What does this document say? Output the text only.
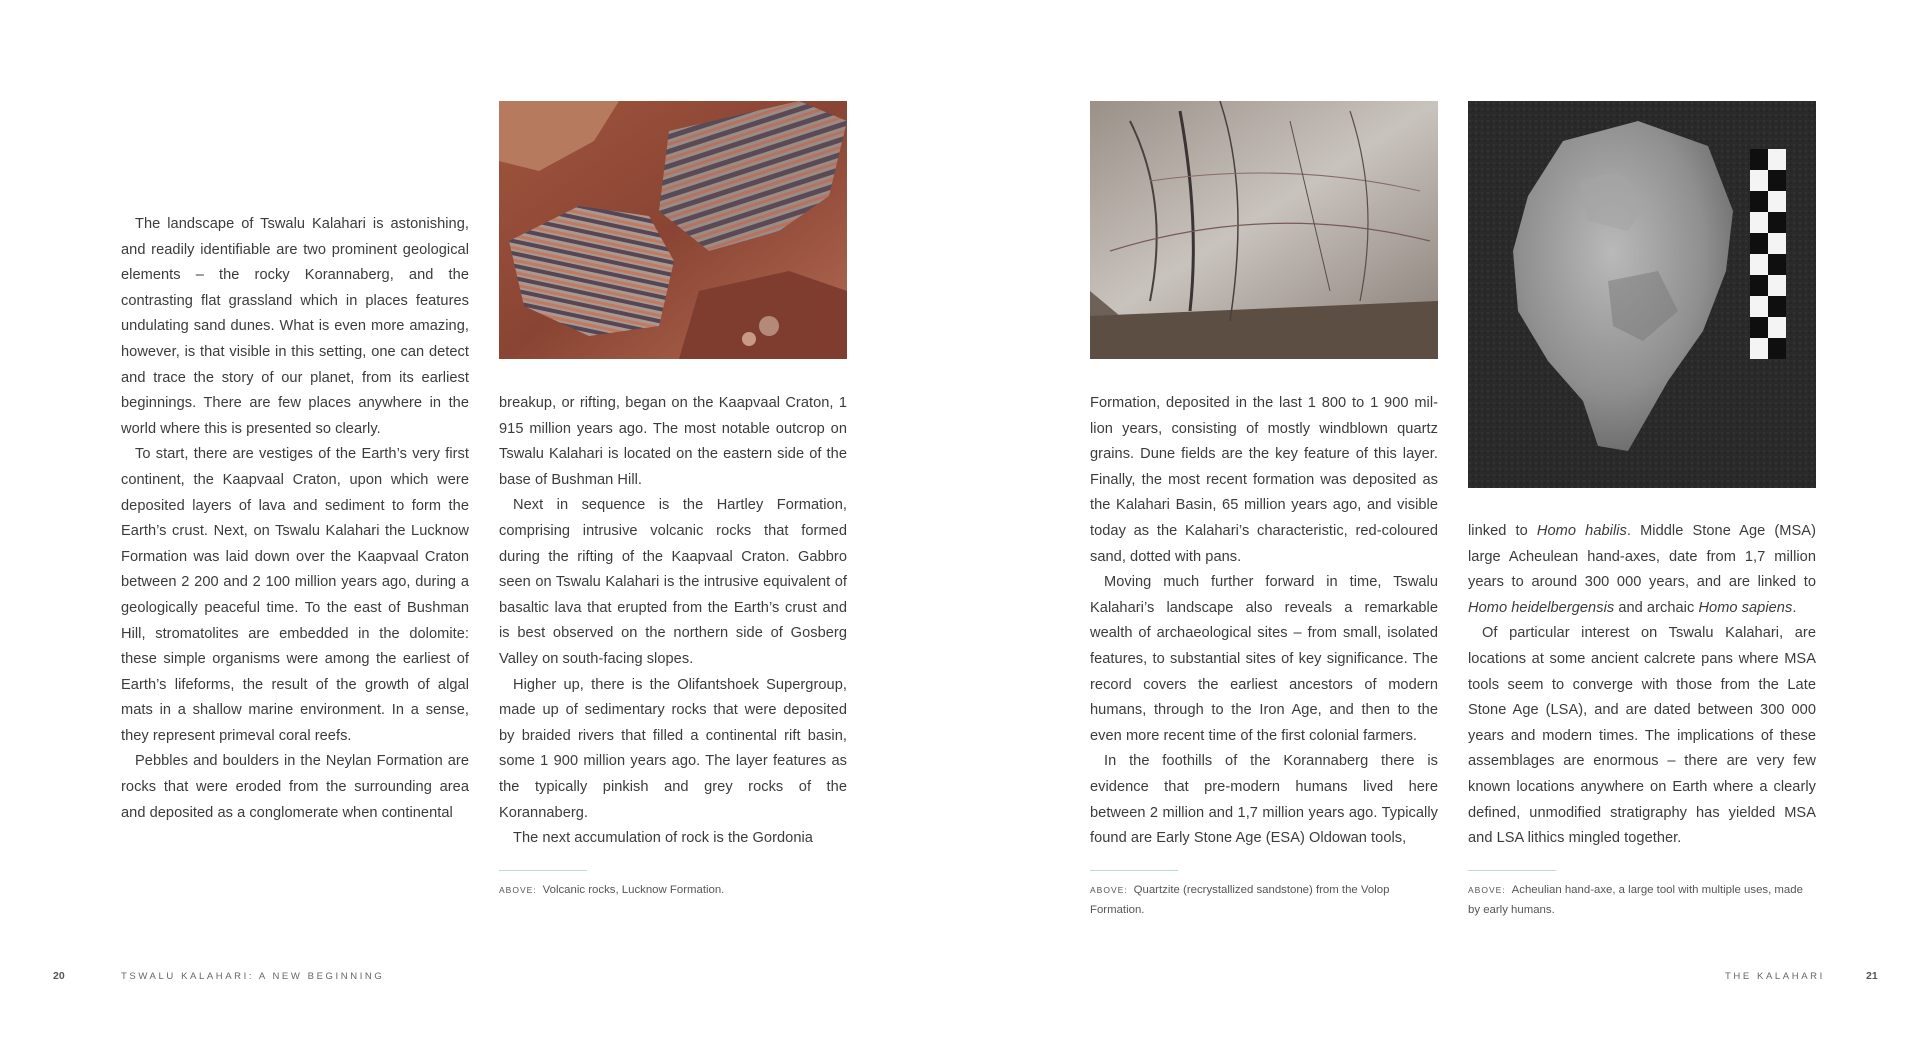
The landscape of Tswalu Kalahari is astonishing, and readily identifiable are two prominent geological elements – the rocky Korannaberg, and the contrasting flat grassland which in places features undulating sand dunes. What is even more amazing, however, is that visible in this setting, one can detect and trace the story of our planet, from its earliest beginnings. There are few places anywhere in the world where this is presented so clearly.

To start, there are vestiges of the Earth’s very first continent, the Kaapvaal Craton, upon which were deposited layers of lava and sediment to form the Earth’s crust. Next, on Tswalu Kalahari the Lucknow Formation was laid down over the Kaapvaal Craton between 2 200 and 2 100 million years ago, during a geologically peaceful time. To the east of Bushman Hill, stromatolites are embedded in the dolomite: these simple organisms were among the earliest of Earth’s lifeforms, the result of the growth of algal mats in a shallow marine environment. In a sense, they represent primeval coral reefs.

Pebbles and boulders in the Neylan Formation are rocks that were eroded from the surrounding area and deposited as a conglomerate when continental

breakup, or rifting, began on the Kaapvaal Craton, 1 915 million years ago. The most notable outcrop on Tswalu Kalahari is located on the eastern side of the base of Bushman Hill.

Next in sequence is the Hartley Formation, comprising intrusive volcanic rocks that formed during the rifting of the Kaapvaal Craton. Gabbro seen on Tswalu Kalahari is the intrusive equivalent of basaltic lava that erupted from the Earth’s crust and is best observed on the northern side of Gosberg Valley on south-facing slopes.

Higher up, there is the Olifantshoek Supergroup, made up of sedimentary rocks that were deposited by braided rivers that filled a continental rift basin, some 1 900 million years ago. The layer features as the typically pinkish and grey rocks of the Korannaberg.

The next accumulation of rock is the Gordonia

ABOVE: Volcanic rocks, Lucknow Formation.
20	TSWALU KALAHARI: A NEW BEGINNING

Formation, deposited in the last 1 800 to 1 900 million years, consisting of mostly windblown quartz grains. Dune fields are the key feature of this layer. Finally, the most recent formation was deposited as the Kalahari Basin, 65 million years ago, and visible today as the Kalahari’s characteristic, red-coloured sand, dotted with pans.

Moving much further forward in time, Tswalu Kalahari’s landscape also reveals a remarkable wealth of archaeological sites – from small, isolated features, to substantial sites of key significance. The record covers the earliest ancestors of modern humans, through to the Iron Age, and then to the even more recent time of the first colonial farmers.

In the foothills of the Korannaberg there is evidence that pre-modern humans lived here between 2 million and 1,7 million years ago. Typically found are Early Stone Age (ESA) Oldowan tools,

ABOVE: Quartzite (recrystallized sandstone) from the Volop Formation.

linked to Homo habilis. Middle Stone Age (MSA) large Acheulean hand-axes, date from 1,7 million years to around 300 000 years, and are linked to Homo heidelbergensis and archaic Homo sapiens.

Of particular interest on Tswalu Kalahari, are locations at some ancient calcrete pans where MSA tools seem to converge with those from the Late Stone Age (LSA), and are dated between 300 000 years and modern times. The implications of these assemblages are enormous – there are very few known locations anywhere on Earth where a clearly defined, unmodified stratigraphy has yielded MSA and LSA lithics mingled together.

ABOVE: Acheulian hand-axe, a large tool with multiple uses, made by early humans.
THE KALAHARI	21
